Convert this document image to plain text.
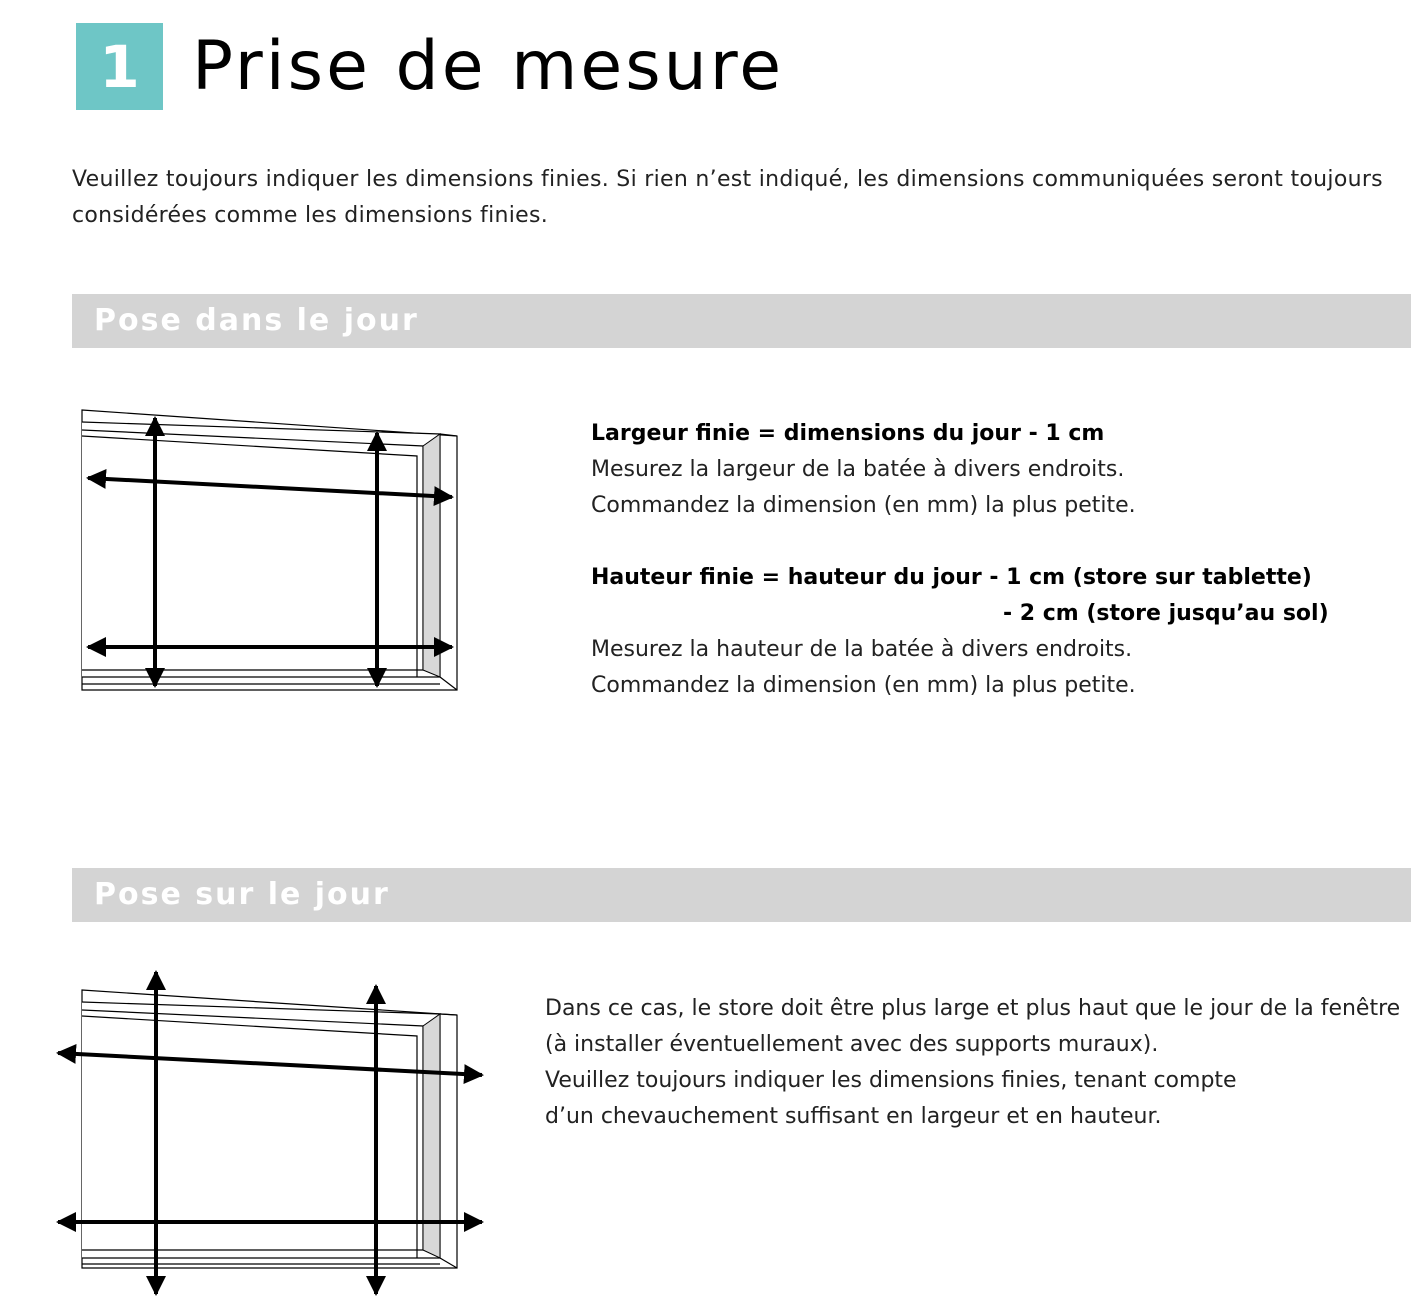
1 Prise de mesure

Veuillez toujours indiquer les dimensions finies. Si rien n’est indiqué, les dimensions communiquées seront toujours considérées comme les dimensions finies.

Pose dans le jour

Largeur finie = dimensions du jour - 1 cm

Mesurez la largeur de la batée à divers endroits.

Commandez la dimension (en mm) la plus petite.

Hauteur finie = hauteur du jour - 1 cm (store sur tablette)

- 2 cm (store jusqu’au sol)

Mesurez la hauteur de la batée à divers endroits.

Commandez la dimension (en mm) la plus petite.

Pose sur le jour

Dans ce cas, le store doit être plus large et plus haut que le jour de la fenêtre

(à installer éventuellement avec des supports muraux).

Veuillez toujours indiquer les dimensions finies, tenant compte

d’un chevauchement suffisant en largeur et en hauteur.
